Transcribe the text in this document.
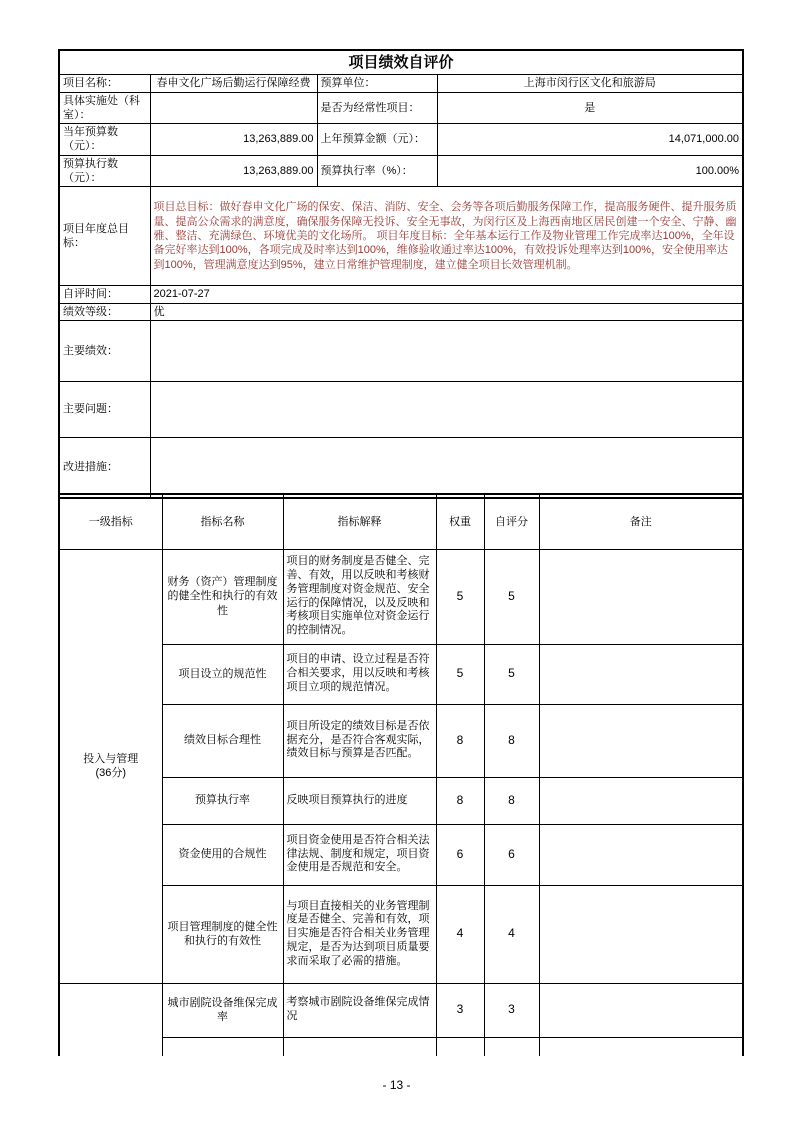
项目绩效自评价			
项目名称：	春申文化广场后勤运行保障经费	预算单位：	上海市闵行区文化和旅游局
具体实施处（科室）：		是否为经常性项目：	是
当年预算数（元）：	13,263,889.00	上年预算金额（元）：	14,071,000.00
预算执行数（元）：	13,263,889.00	预算执行率（%）：	100.00%
项目年度总目标：	项目总目标：做好春申文化广场的保安、保洁、消防、安全、会务等各项后勤服务保障工作，提高服务硬件、提升服务质量、提高公众需求的满意度，确保服务保障无投诉、安全无事故，为闵行区及上海西南地区居民创建一个安全、宁静、幽雅、整洁、充满绿色、环境优美的文化场所。 项目年度目标：全年基本运行工作及物业管理工作完成率达100%，全年设备完好率达到100%，各项完成及时率达到100%，维修验收通过率达100%，有效投诉处理率达到100%，安全使用率达到100%，管理满意度达到95%，建立日常维护管理制度，建立健全项目长效管理机制。		
自评时间：	2021-07-27		
绩效等级：	优		
主要绩效：			
主要问题：			
改进措施：			
一级指标	指标名称	指标解释	权重	自评分	备注

投入与管理
(36分)	财务（资产）管理制度的健全性和执行的有效性	项目的财务制度是否健全、完善、有效，用以反映和考核财务管理制度对资金规范、安全运行的保障情况，以及反映和考核项目实施单位对资金运行的控制情况。	5	5	
	项目设立的规范性	项目的申请、设立过程是否符合相关要求，用以反映和考核项目立项的规范情况。	5	5	
	绩效目标合理性	项目所设定的绩效目标是否依据充分，是否符合客观实际，绩效目标与预算是否匹配。	8	8	
	预算执行率	反映项目预算执行的进度	8	8	
	资金使用的合规性	项目资金使用是否符合相关法律法规、制度和规定，项目资金使用是否规范和安全。	6	6	
	项目管理制度的健全性和执行的有效性	与项目直接相关的业务管理制度是否健全、完善和有效，项目实施是否符合相关业务管理规定，是否为达到项目质量要求而采取了必需的措施。	4	4	
	城市剧院设备维保完成率	考察城市剧院设备维保完成情况	3	3	

- 13 -
